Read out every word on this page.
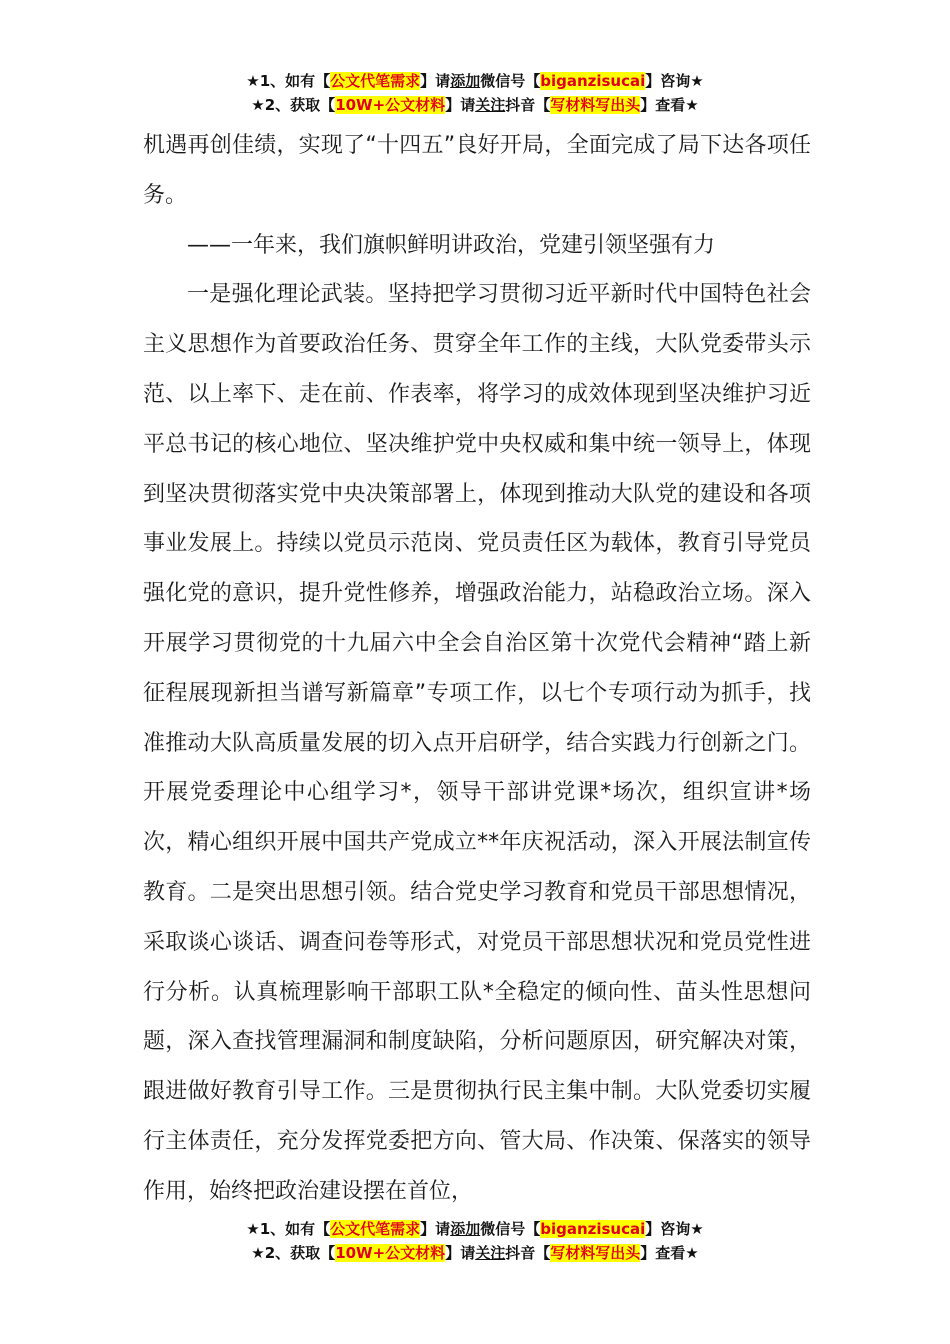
★1、如有【公文代笔需求】请添加微信号【biganzisucai】咨询★
★2、获取【10W+公文材料】请关注抖音【写材料写出头】查看★

机遇再创佳绩，实现了“十四五”良好开局，全面完成了局下达各项任务。

——一年来，我们旗帜鲜明讲政治，党建引领坚强有力

一是强化理论武装。坚持把学习贯彻习近平新时代中国特色社会主义思想作为首要政治任务、贯穿全年工作的主线，大队党委带头示范、以上率下、走在前、作表率，将学习的成效体现到坚决维护习近平总书记的核心地位、坚决维护党中央权威和集中统一领导上，体现到坚决贯彻落实党中央决策部署上，体现到推动大队党的建设和各项事业发展上。持续以党员示范岗、党员责任区为载体，教育引导党员强化党的意识，提升党性修养，增强政治能力，站稳政治立场。深入开展学习贯彻党的十九届六中全会自治区第十次党代会精神“踏上新征程展现新担当谱写新篇章”专项工作，以七个专项行动为抓手，找准推动大队高质量发展的切入点开启研学，结合实践力行创新之门。开展党委理论中心组学习*，领导干部讲党课*场次，组织宣讲*场次，精心组织开展中国共产党成立**年庆祝活动，深入开展法制宣传教育。二是突出思想引领。结合党史学习教育和党员干部思想情况，采取谈心谈话、调查问卷等形式，对党员干部思想状况和党员党性进行分析。认真梳理影响干部职工队*全稳定的倾向性、苗头性思想问题，深入查找管理漏洞和制度缺陷，分析问题原因，研究解决对策，跟进做好教育引导工作。三是贯彻执行民主集中制。大队党委切实履行主体责任，充分发挥党委把方向、管大局、作决策、保落实的领导作用，始终把政治建设摆在首位，

★1、如有【公文代笔需求】请添加微信号【biganzisucai】咨询★
★2、获取【10W+公文材料】请关注抖音【写材料写出头】查看★
